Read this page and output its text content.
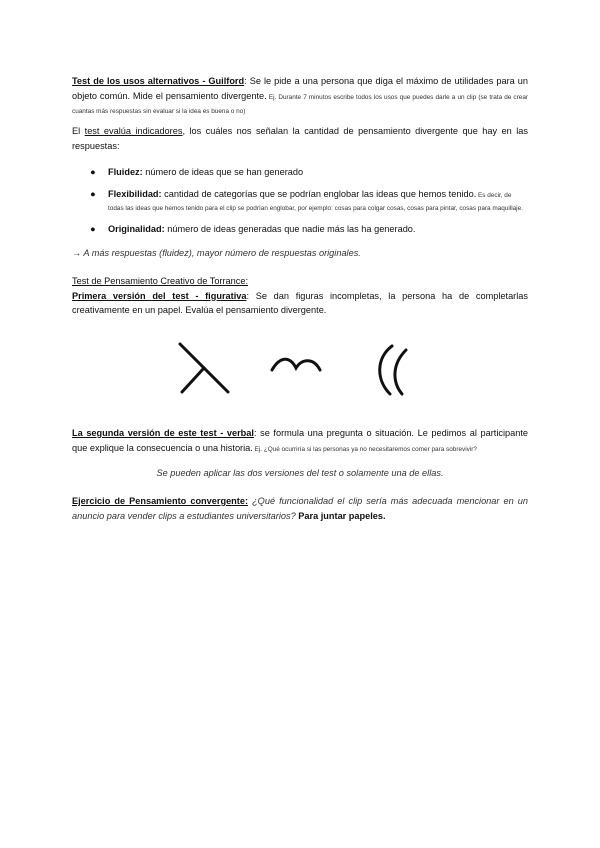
Test de los usos alternativos - Guilford: Se le pide a una persona que diga el máximo de utilidades para un objeto común. Mide el pensamiento divergente. Ej. Durante 7 minutos escribe todos los usos que puedes darle a un clip (se trata de crear cuantas más respuestas sin evaluar si la idea es buena o no)
El test evalúa indicadores, los cuáles nos señalan la cantidad de pensamiento divergente que hay en las respuestas:
● Fluidez: número de ideas que se han generado
● Flexibilidad: cantidad de categorías que se podrían englobar las ideas que hemos tenido. Es decir, de todas las ideas que hemos tenido para el clip se podrían englobar, por ejemplo: cosas para colgar cosas, cosas para pintar, cosas para maquillaje.
● Originalidad: número de ideas generadas que nadie más las ha generado.
→ A más respuestas (fluidez), mayor número de respuestas originales.
Test de Pensamiento Creativo de Torrance:
Primera versión del test - figurativa: Se dan figuras incompletas, la persona ha de completarlas creativamente en un papel. Evalúa el pensamiento divergente.
La segunda versión de este test - verbal: se formula una pregunta o situación. Le pedimos al participante que explique la consecuencia o una historia. Ej. ¿Qué ocurriría si las personas ya no necesitaremos comer para sobrevivir?
Se pueden aplicar las dos versiones del test o solamente una de ellas.
Ejercicio de Pensamiento convergente: ¿Qué funcionalidad el clip sería más adecuada mencionar en un anuncio para vender clips a estudiantes universitarios? Para juntar papeles.
